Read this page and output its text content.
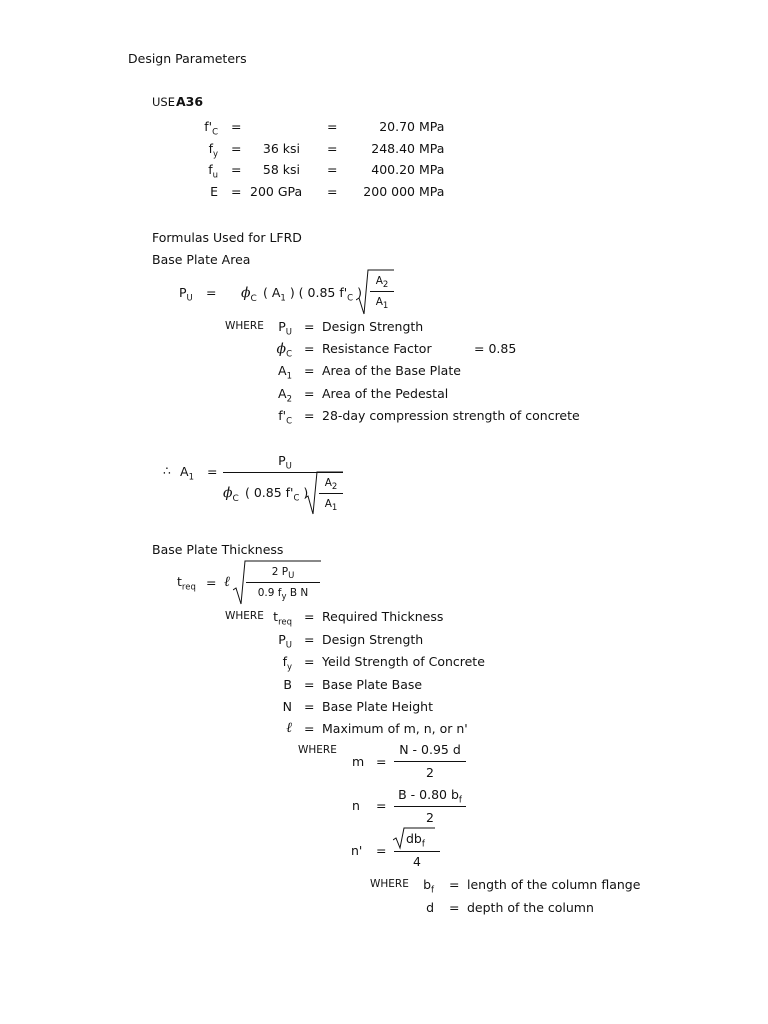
Design Parameters
USE A36
$f'_C$ =	=	20.70 MPa
$f_y$ =	36 ksi =	248.40 MPa
$f_u$ =	58 ksi =	400.20 MPa
E = 200 GPa =	200 000 MPa
Formulas Used for LFRD
Base Plate Area
$P_U = \phi_C$ ( $A_1$ ) ( 0.85 $f'_C$ )
$A_2$
$A_1$
WHERE	$P_U$ = Design Strength
$\phi_C$ = Resistance Factor	= 0.85
$A_1$ = Area of the Base Plate
$A_2$ = Area of the Pedestal
$f'_C = 28-day$ compression strength of concrete
∴ $A_1$ =
$P_U$
$\phi_C$ ( 0.85 $f'_C$ )
$A_2$
$A_1$
Base Plate Thickness
$t_{req}$ = ℓ
2 $P_U$
0.9 $f_y$ B N
WHERE $t_{req}$ = Required Thickness
$P_U$ = Design Strength
$f_y$ = Yeild Strength of Concrete
B = Base Plate Base
N = Base Plate Height
ℓ = Maximum of m, n, or n'
WHERE
m =
N - 0.95 d
2
n =
B - 0.80 $b_f$
2
n' =
$db_f$
4
WHERE	$b_f$ = length of the column flange
d = depth of the column
